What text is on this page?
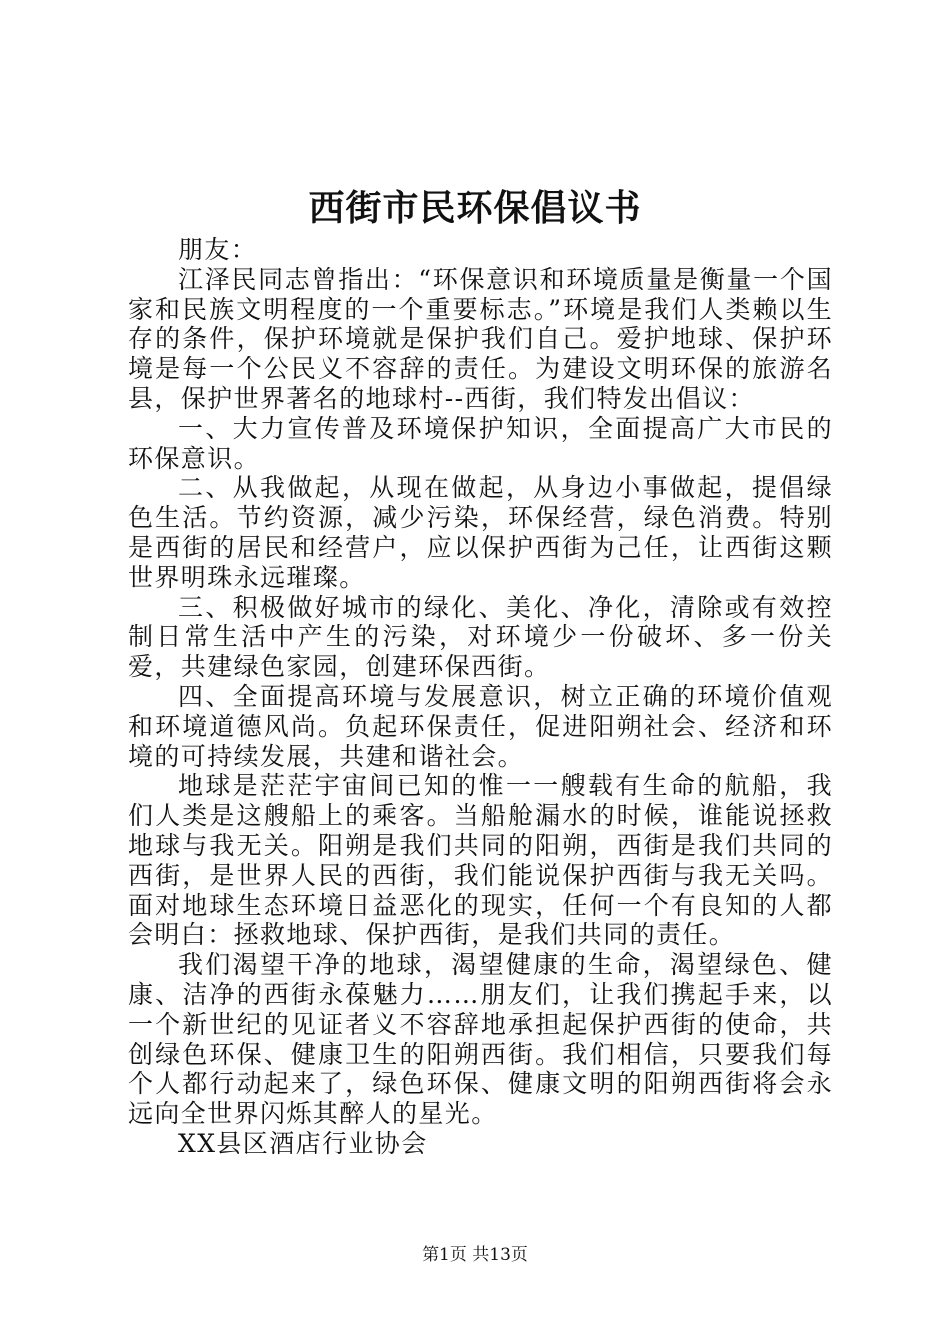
西街市民环保倡议书

朋友：

江泽民同志曾指出：“环保意识和环境质量是衡量一个国家和民族文明程度的一个重要标志。”环境是我们人类赖以生存的条件，保护环境就是保护我们自己。爱护地球、保护环境是每一个公民义不容辞的责任。为建设文明环保的旅游名县，保护世界著名的地球村--西街，我们特发出倡议：

一、大力宣传普及环境保护知识，全面提高广大市民的环保意识。

二、从我做起，从现在做起，从身边小事做起，提倡绿色生活。节约资源，减少污染，环保经营，绿色消费。特别是西街的居民和经营户，应以保护西街为己任，让西街这颗世界明珠永远璀璨。

三、积极做好城市的绿化、美化、净化，清除或有效控制日常生活中产生的污染，对环境少一份破坏、多一份关爱，共建绿色家园，创建环保西街。

四、全面提高环境与发展意识，树立正确的环境价值观和环境道德风尚。负起环保责任，促进阳朔社会、经济和环境的可持续发展，共建和谐社会。

地球是茫茫宇宙间已知的惟一一艘载有生命的航船，我们人类是这艘船上的乘客。当船舱漏水的时候，谁能说拯救地球与我无关。阳朔是我们共同的阳朔，西街是我们共同的西街，是世界人民的西街，我们能说保护西街与我无关吗。面对地球生态环境日益恶化的现实，任何一个有良知的人都会明白：拯救地球、保护西街，是我们共同的责任。

我们渴望干净的地球，渴望健康的生命，渴望绿色、健康、洁净的西街永葆魅力……朋友们，让我们携起手来，以一个新世纪的见证者义不容辞地承担起保护西街的使命，共创绿色环保、健康卫生的阳朔西街。我们相信，只要我们每个人都行动起来了，绿色环保、健康文明的阳朔西街将会永远向全世界闪烁其醉人的星光。

XX县区酒店行业协会

第1页 共13页
